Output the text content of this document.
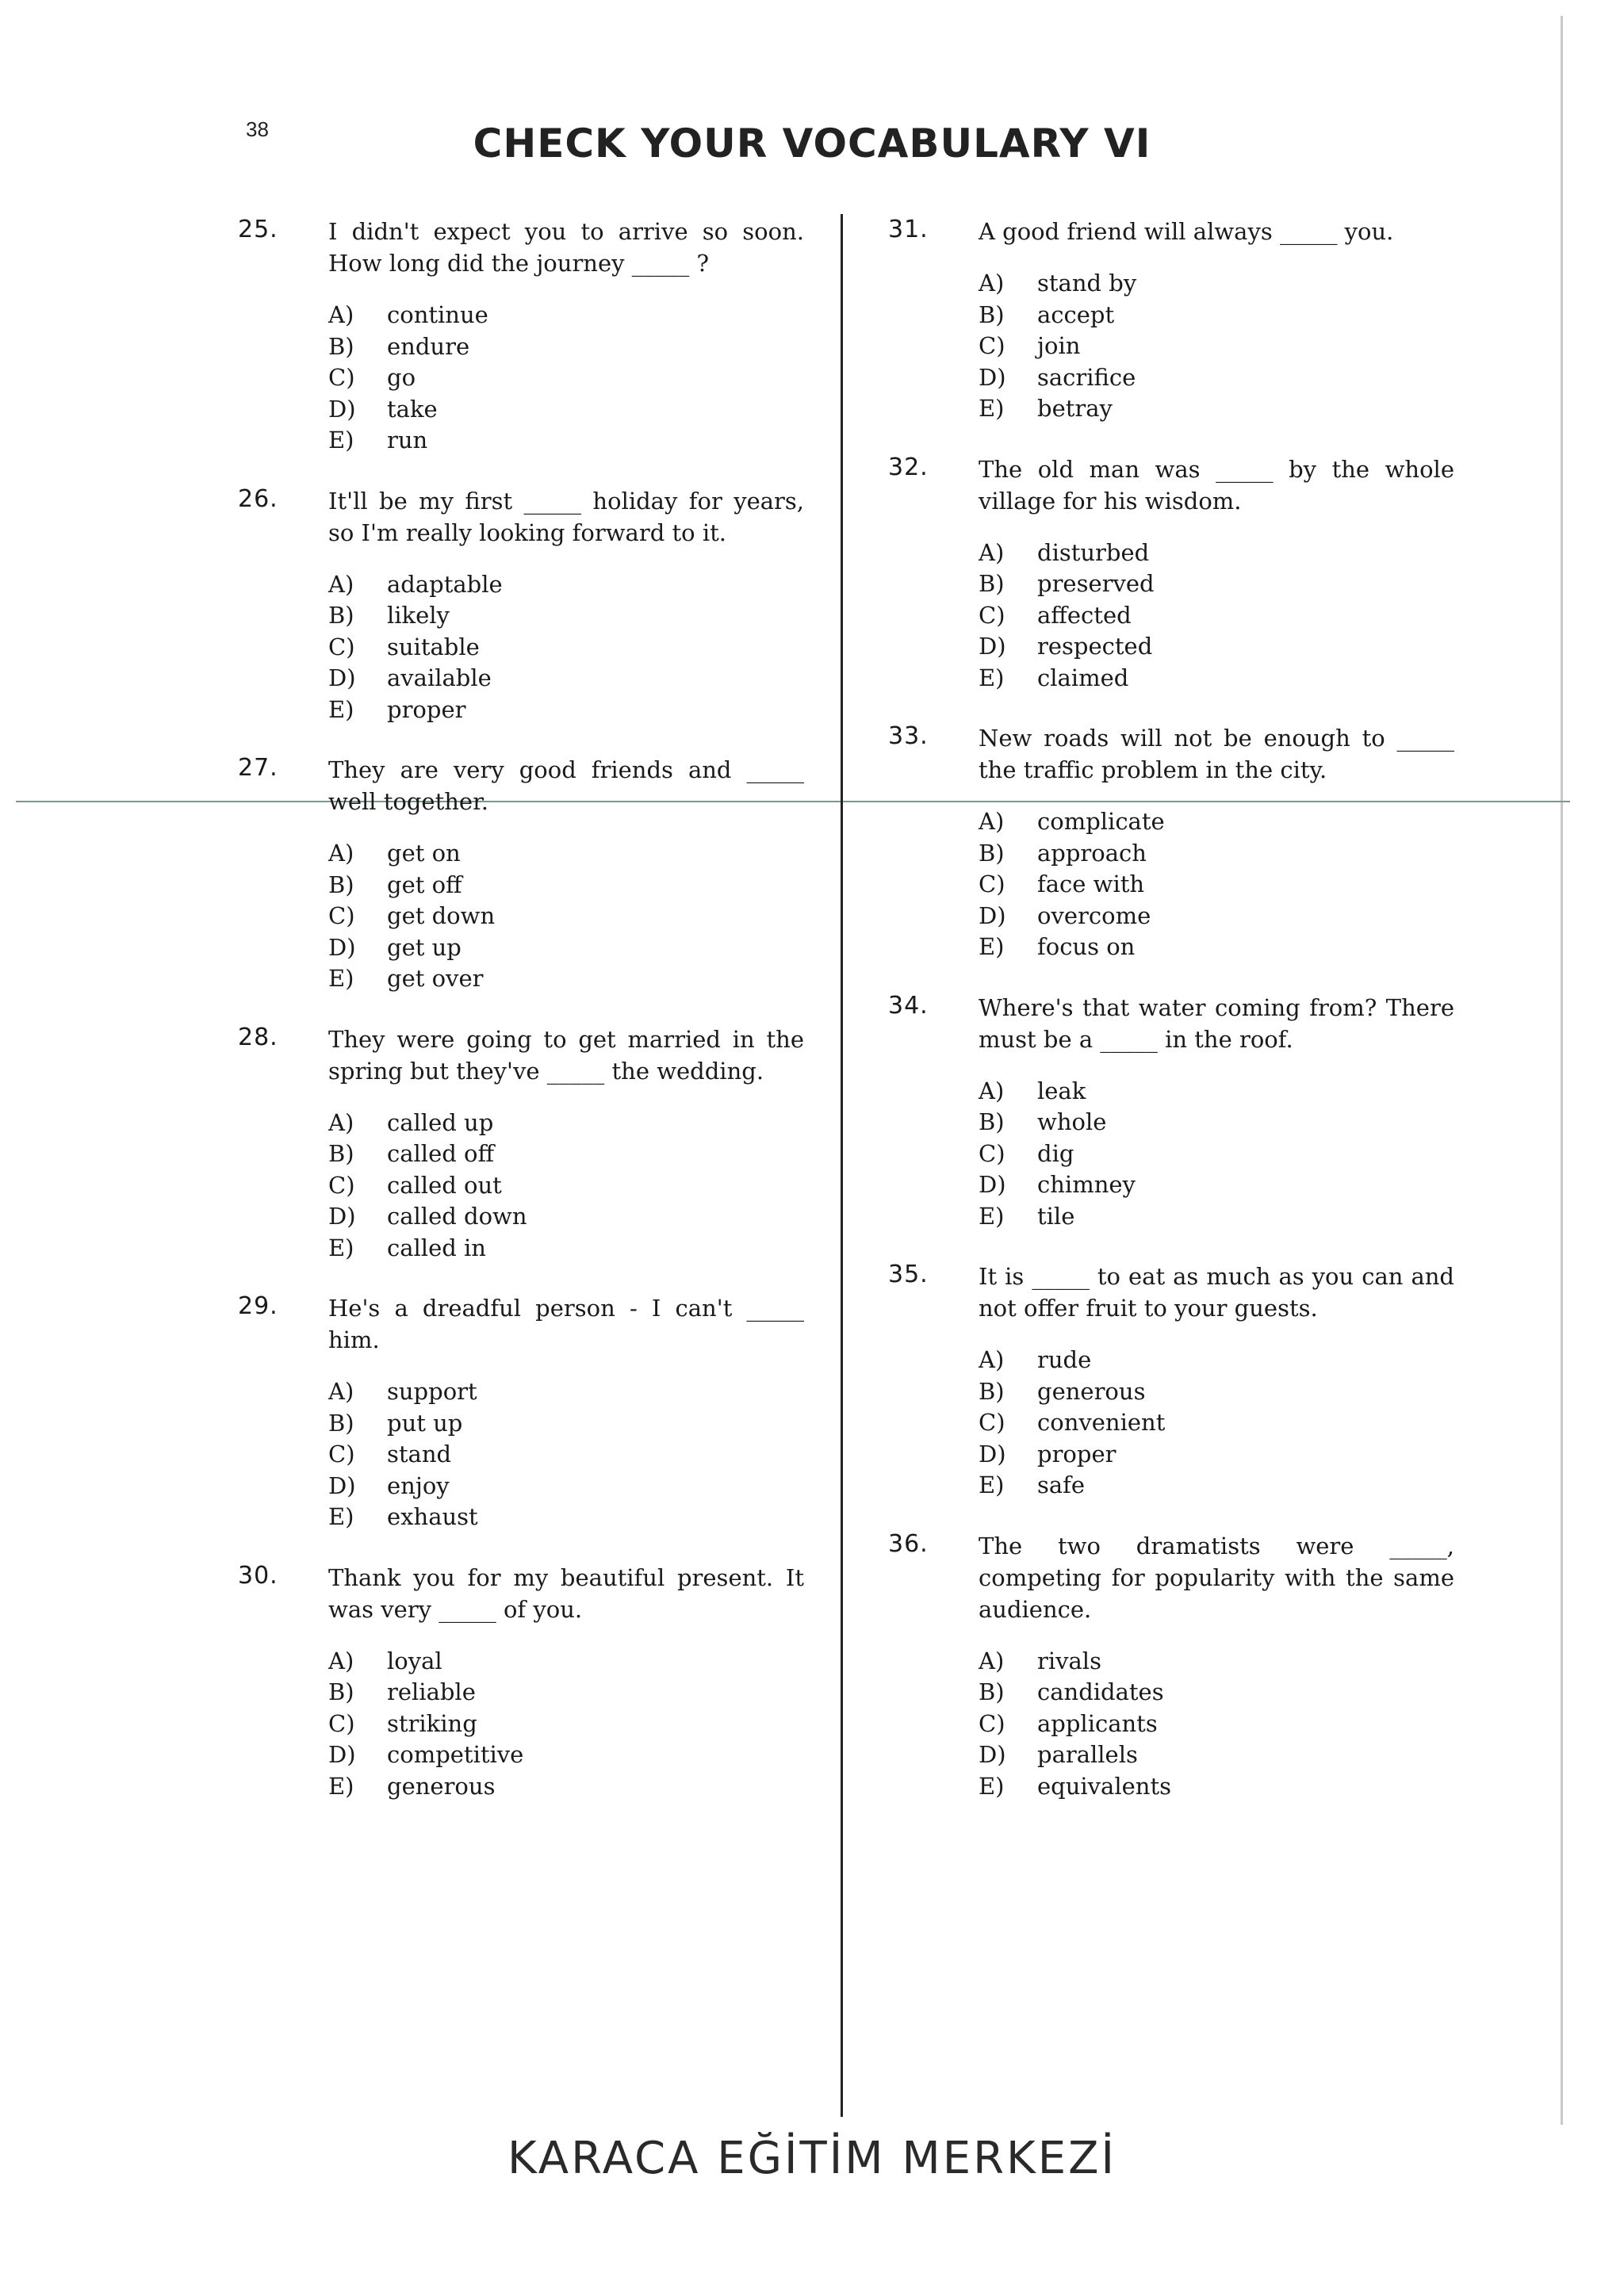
38	CHECK YOUR VOCABULARY VI
25. I didn't expect you to arrive so soon. How long did the journey _____ ?
A)	continue
B)	endure
C)	go
D)	take
E)	run
26. It'll be my first _____ holiday for years, so I'm really looking forward to it.
A)	adaptable
B)	likely
C)	suitable
D)	available
E)	proper
27. They are very good friends and _____ well together.
A)	get on
B)	get off
C)	get down
D)	get up
E)	get over
28. They were going to get married in the spring but they've _____ the wedding.
A)	called up
B)	called off
C)	called out
D)	called down
E)	called in
29. He's a dreadful person - I can't _____ him.
A)	support
B)	put up
C)	stand
D)	enjoy
E)	exhaust
30. Thank you for my beautiful present. It was very _____ of you.
A)	loyal
B)	reliable
C)	striking
D)	competitive
E)	generous
31. A good friend will always _____ you.
A)	stand by
B)	accept
C)	join
D)	sacrifice
E)	betray
32. The old man was _____ by the whole village for his wisdom.
A)	disturbed
B)	preserved
C)	affected
D)	respected
E)	claimed
33. New roads will not be enough to _____ the traffic problem in the city.
A)	complicate
B)	approach
C)	face with
D)	overcome
E)	focus on
34. Where's that water coming from? There must be a _____ in the roof.
A)	leak
B)	whole
C)	dig
D)	chimney
E)	tile
35. It is _____ to eat as much as you can and not offer fruit to your guests.
A)	rude
B)	generous
C)	convenient
D)	proper
E)	safe
36. The two dramatists were _____, competing for popularity with the same audience.
A)	rivals
B)	candidates
C)	applicants
D)	parallels
E)	equivalents
KARACA EĞİTİM MERKEZİ
